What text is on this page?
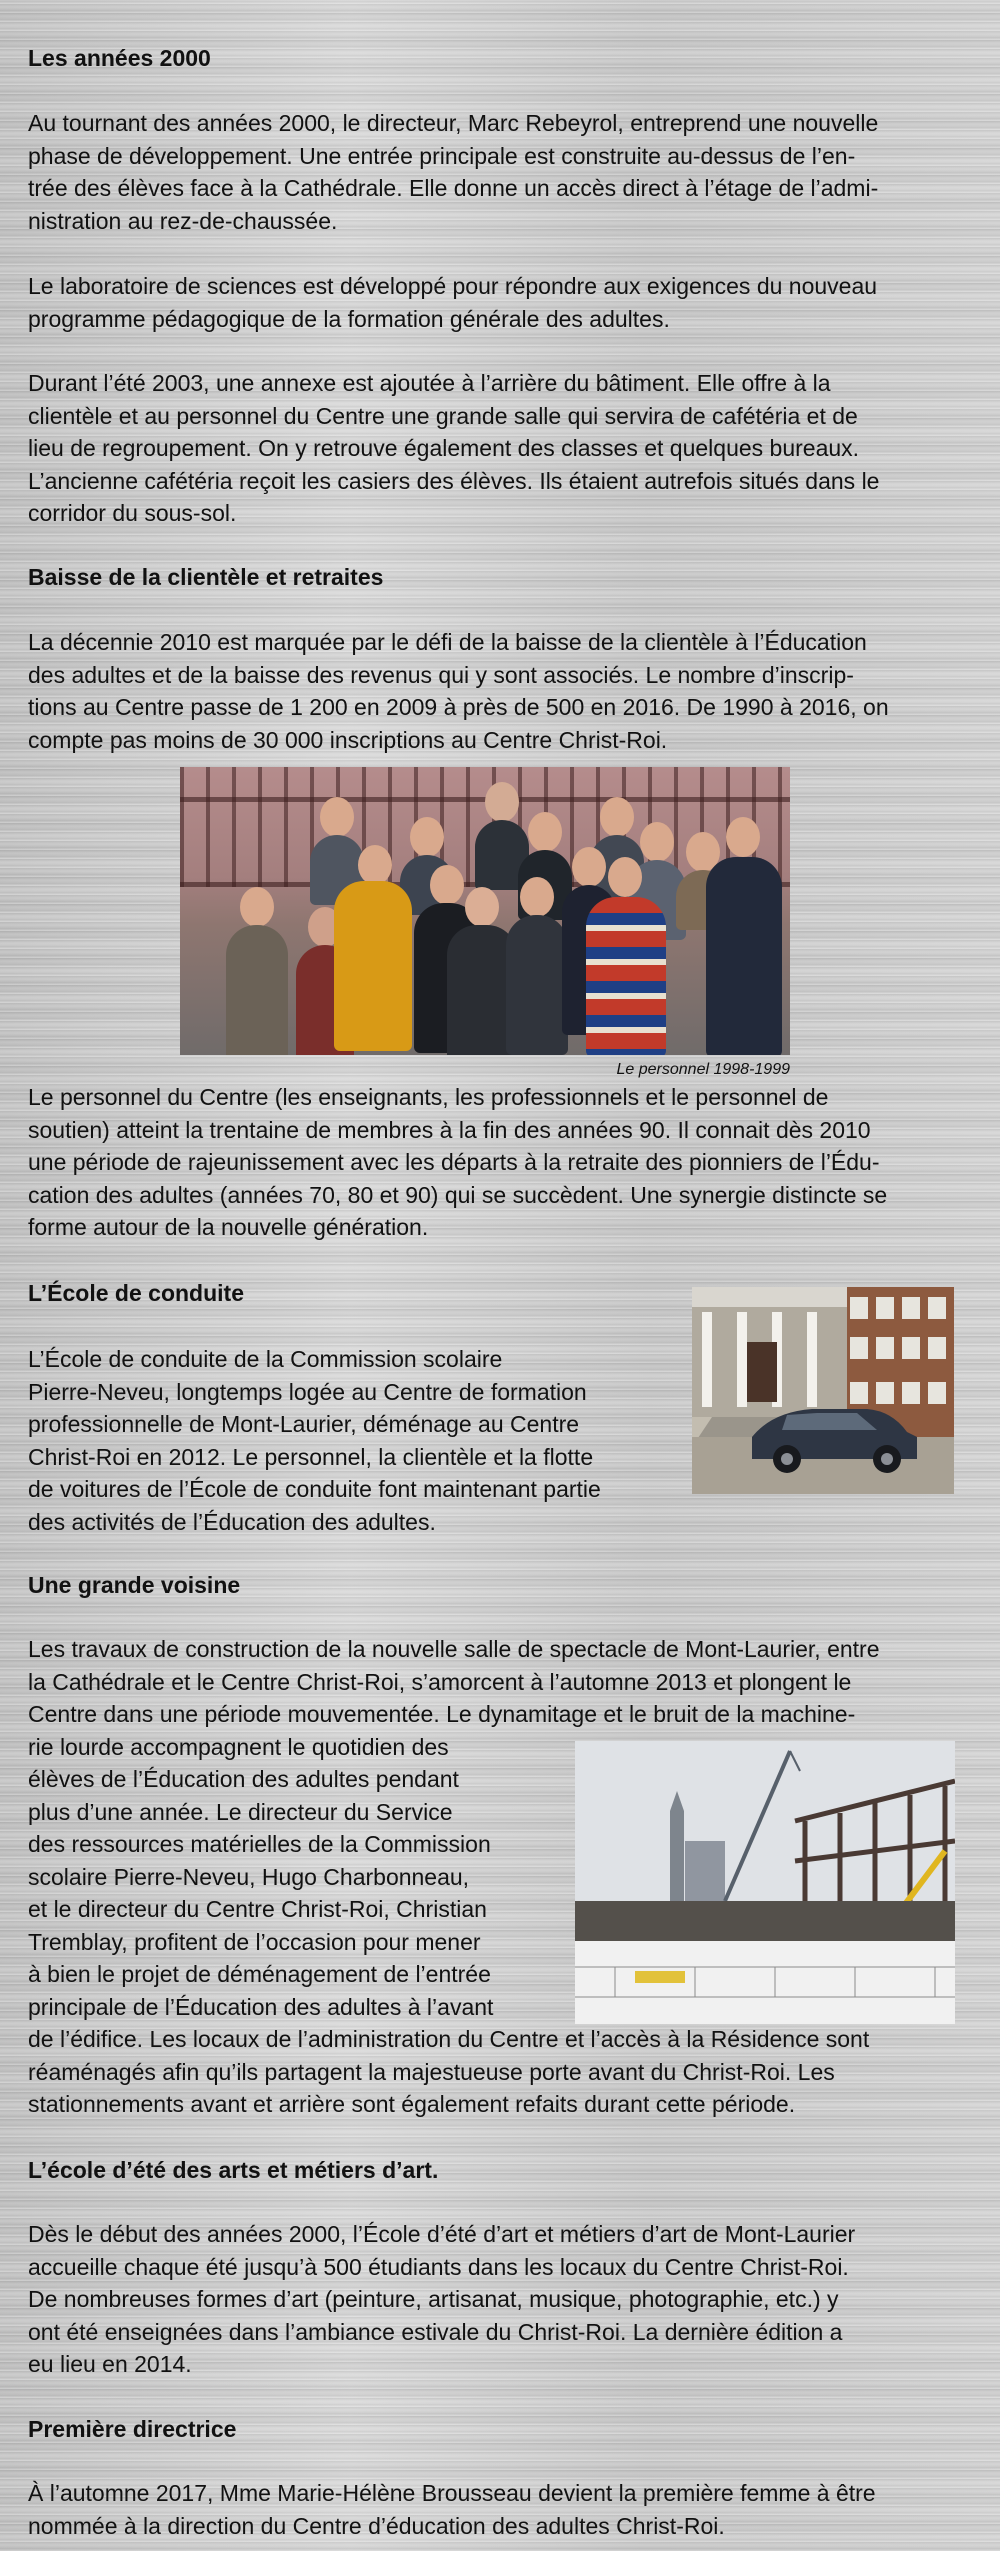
Les années 2000
Au tournant des années 2000, le directeur, Marc Rebeyrol, entreprend une nouvelle
phase de développement. Une entrée principale est construite au-dessus de l’en-
trée des élèves face à la Cathédrale. Elle donne un accès direct à l’étage de l’admi-
nistration au rez-de-chaussée.
Le laboratoire de sciences est développé pour répondre aux exigences du nouveau
programme pédagogique de la formation générale des adultes.
Durant l’été 2003, une annexe est ajoutée à l’arrière du bâtiment. Elle offre à la
clientèle et au personnel du Centre une grande salle qui servira de cafétéria et de
lieu de regroupement. On y retrouve également des classes et quelques bureaux.
L’ancienne cafétéria reçoit les casiers des élèves. Ils étaient autrefois situés dans le
corridor du sous-sol.
Baisse de la clientèle et retraites
La décennie 2010 est marquée par le défi de la baisse de la clientèle à l’Éducation
des adultes et de la baisse des revenus qui y sont associés. Le nombre d’inscrip-
tions au Centre passe de 1 200 en 2009 à près de 500 en 2016. De 1990 à 2016, on
compte pas moins de 30 000 inscriptions au Centre Christ-Roi.
Le personnel 1998-1999
Le personnel du Centre (les enseignants, les professionnels et le personnel de
soutien) atteint la trentaine de membres à la fin des années 90. Il connait dès 2010
une période de rajeunissement avec les départs à la retraite des pionniers de l’Édu-
cation des adultes (années 70, 80 et 90) qui se succèdent. Une synergie distincte se
forme autour de la nouvelle génération.
L’École de conduite
L’École de conduite de la Commission scolaire
Pierre-Neveu, longtemps logée au Centre de formation
professionnelle de Mont-Laurier, déménage au Centre
Christ-Roi en 2012. Le personnel, la clientèle et la flotte
de voitures de l’École de conduite font maintenant partie
des activités de l’Éducation des adultes.
Une grande voisine
Les travaux de construction de la nouvelle salle de spectacle de Mont-Laurier, entre
la Cathédrale et le Centre Christ-Roi, s’amorcent à l’automne 2013 et plongent le
Centre dans une période mouvementée. Le dynamitage et le bruit de la machine-
rie lourde accompagnent le quotidien des
élèves de l’Éducation des adultes pendant
plus d’une année. Le directeur du Service
des ressources matérielles de la Commission
scolaire Pierre-Neveu, Hugo Charbonneau,
et le directeur du Centre Christ-Roi, Christian
Tremblay, profitent de l’occasion pour mener
à bien le projet de déménagement de l’entrée
principale de l’Éducation des adultes à l’avant
de l’édifice. Les locaux de l’administration du Centre et l’accès à la Résidence sont
réaménagés afin qu’ils partagent la majestueuse porte avant du Christ-Roi. Les
stationnements avant et arrière sont également refaits durant cette période.
L’école d’été des arts et métiers d’art.
Dès le début des années 2000, l’École d’été d’art et métiers d’art de Mont-Laurier
accueille chaque été jusqu’à 500 étudiants dans les locaux du Centre Christ-Roi.
De nombreuses formes d’art (peinture, artisanat, musique, photographie, etc.) y
ont été enseignées dans l’ambiance estivale du Christ-Roi. La dernière édition a
eu lieu en 2014.
Première directrice
À l’automne 2017, Mme Marie-Hélène Brousseau devient la première femme à être
nommée à la direction du Centre d’éducation des adultes Christ-Roi.
